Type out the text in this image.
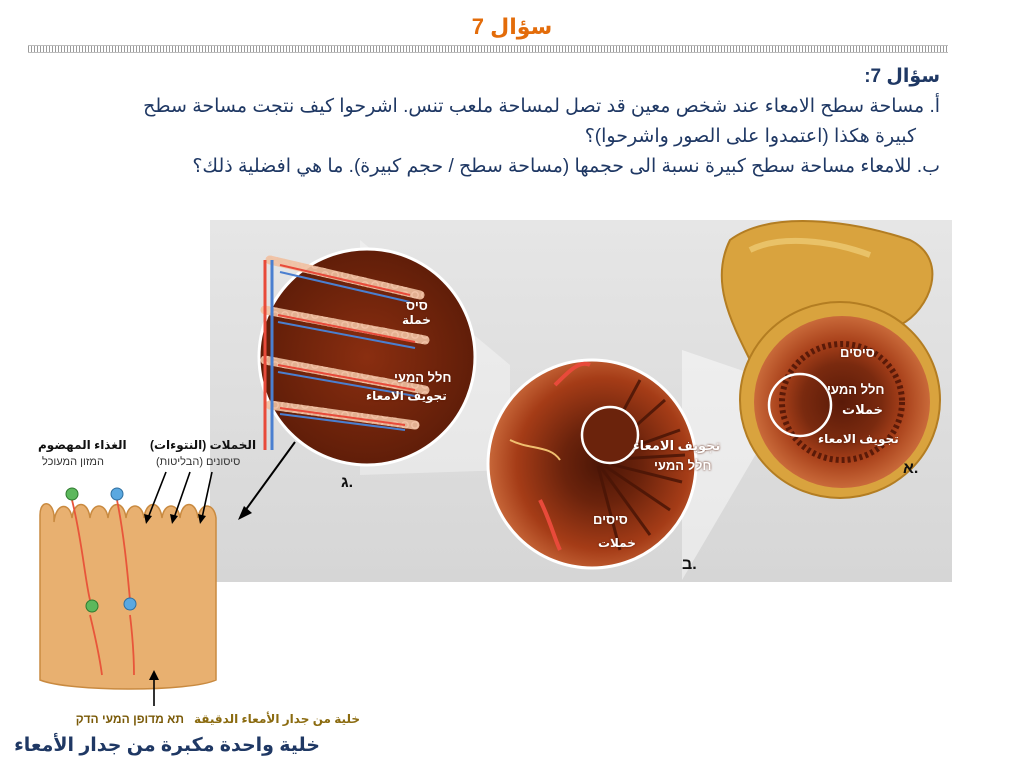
سؤال 7
سؤال 7:
أ. مساحة سطح الامعاء عند شخص معين قد تصل لمساحة ملعب تنس. اشرحوا كيف نتجت مساحة سطح
كبيرة هكذا (اعتمدوا على الصور واشرحوا)؟
ب. للامعاء مساحة سطح كبيرة نسبة الى حجمها (مساحة سطح / حجم كبيرة). ما هي افضلية ذلك؟
סיסים
חלל המעי
خملات
تجويف الامعاء
א.
تجويف الامعاء
חלל המעי
סיסים
خملات
ב.
סיס
خملة
חלל המעי
تجويف الامعاء
ג.
الغذاء المهضوم
המזון המעוכל
الخملات (النتوءات)
סיסונים (הבליטות)
خلية من جدار الأمعاء الدقيقة   תא מדופן המעי הדק
خلية واحدة مكبرة من جدار الأمعاء
